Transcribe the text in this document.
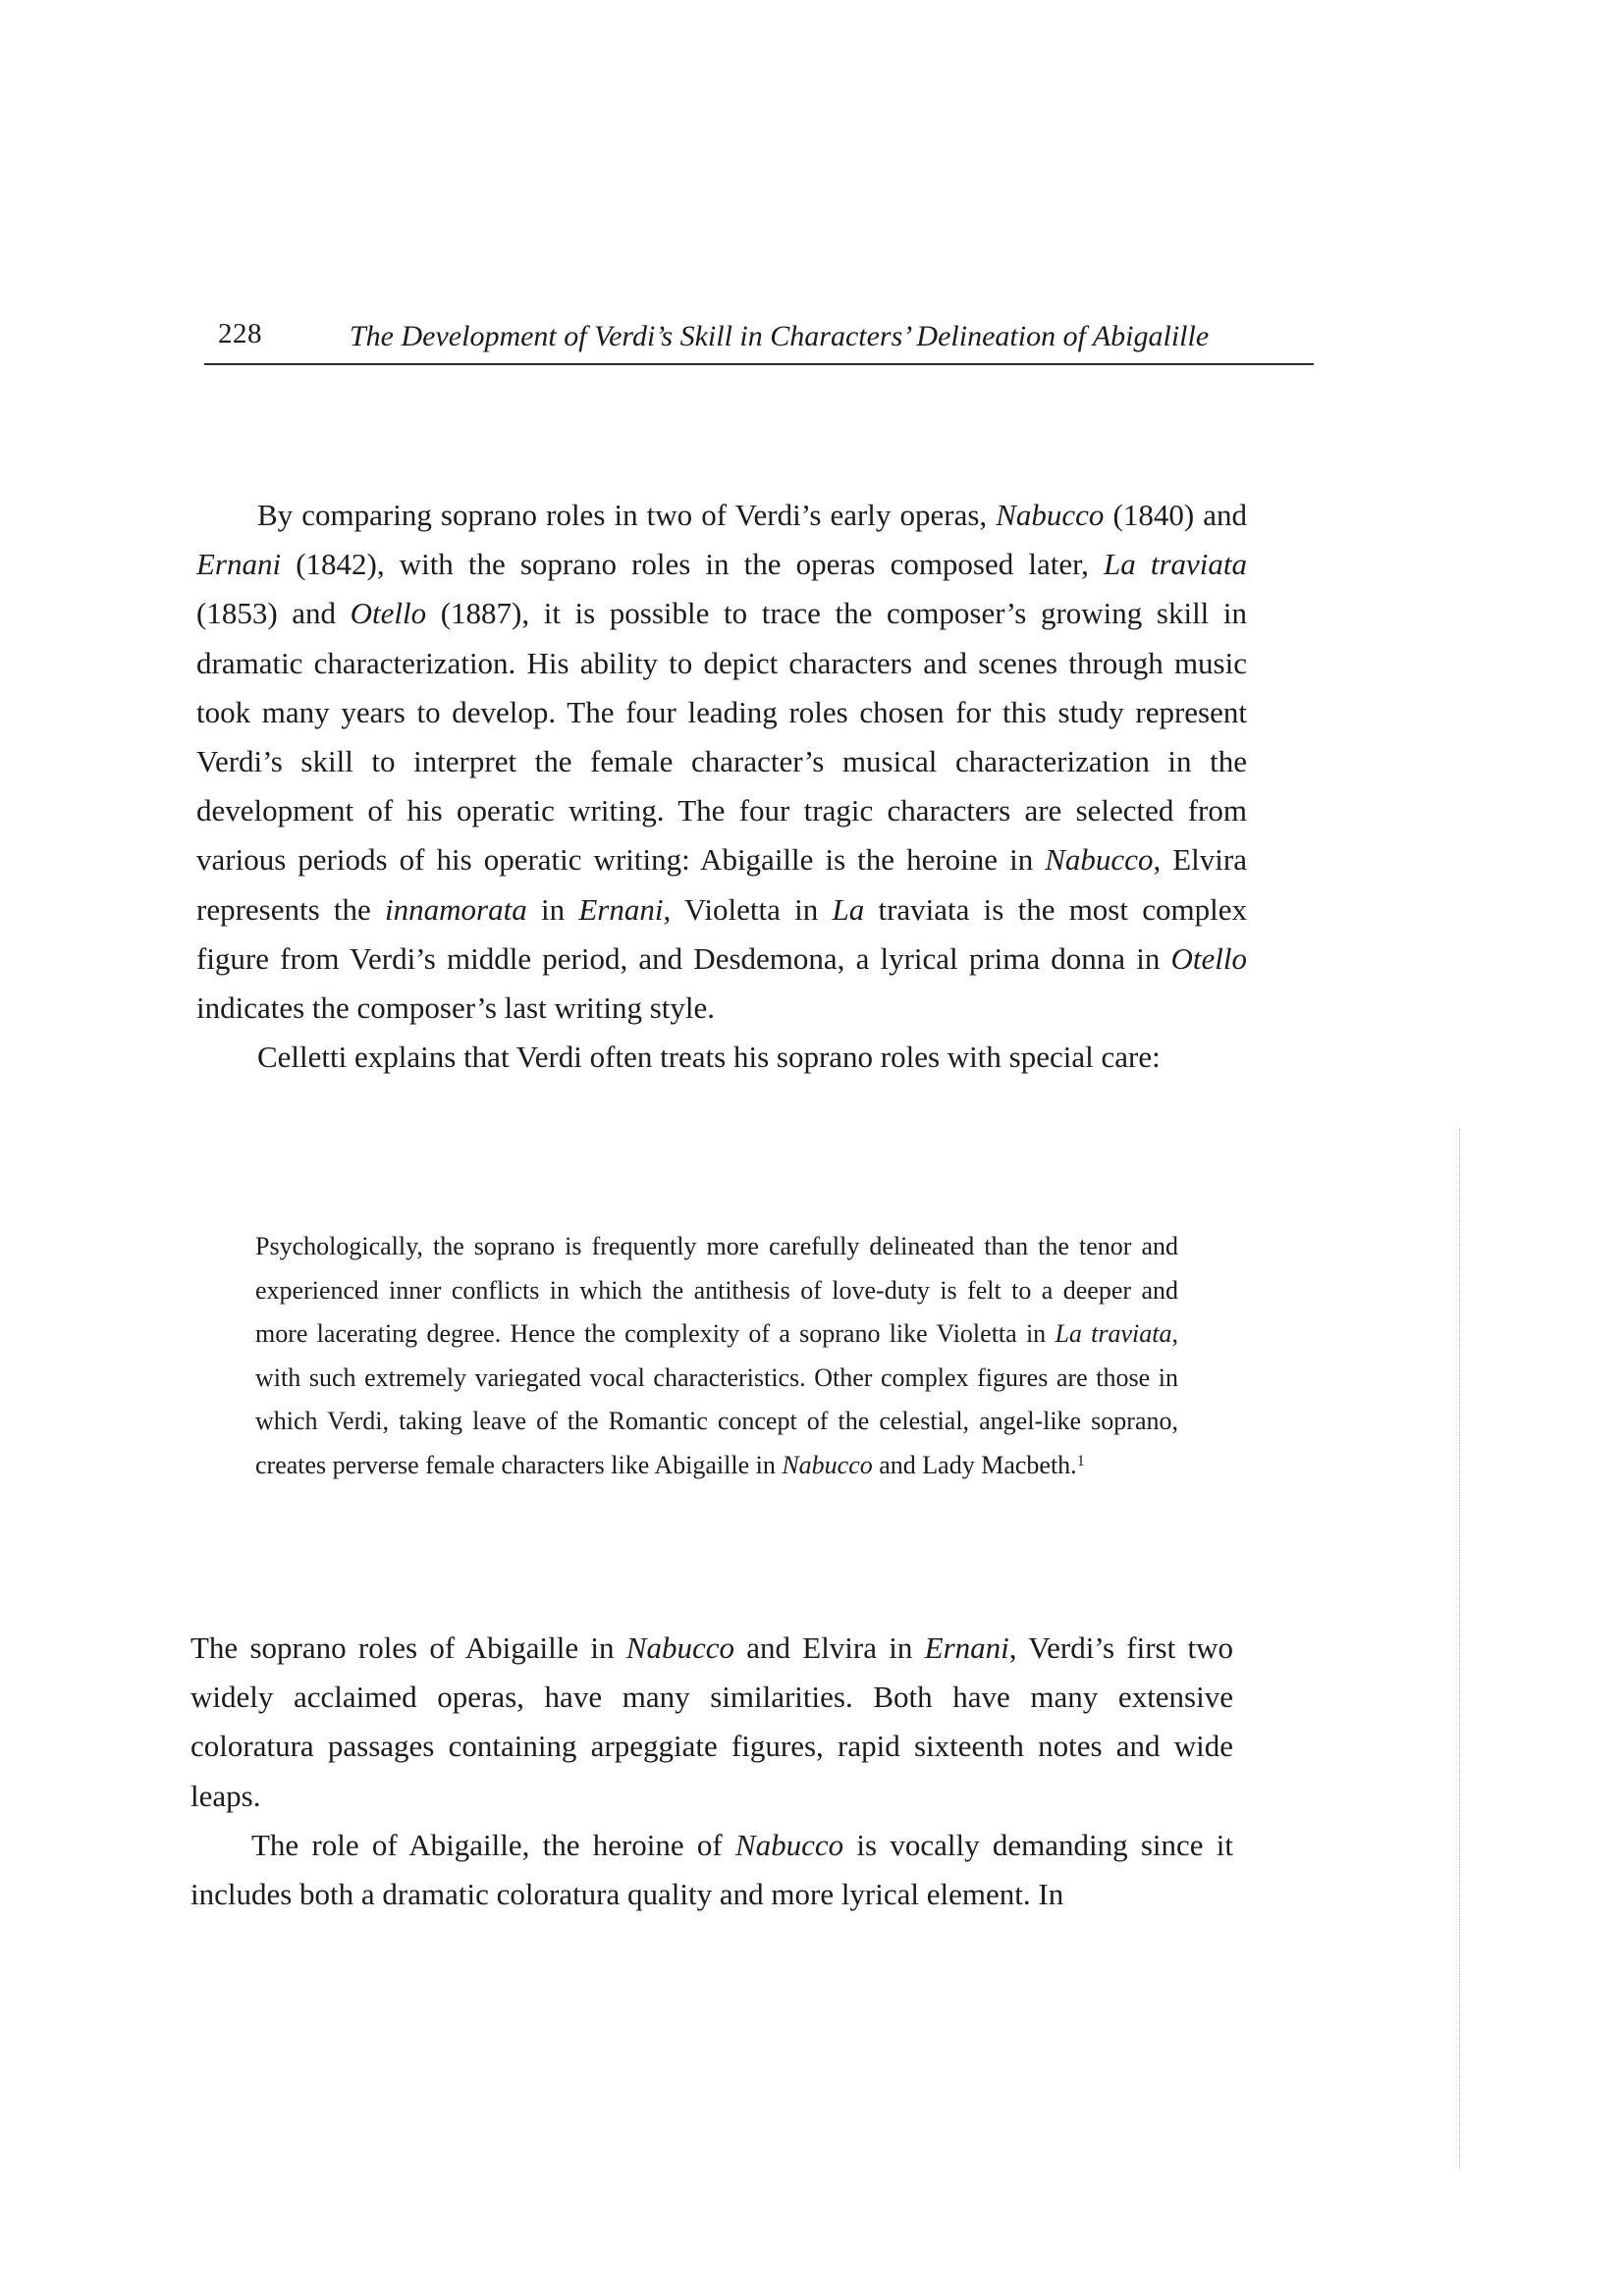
228	The Development of Verdi’s Skill in Characters’ Delineation of Abigalille

By comparing soprano roles in two of Verdi’s early operas, Nabucco (1840) and Ernani (1842), with the soprano roles in the operas composed later, La traviata (1853) and Otello (1887), it is possible to trace the composer’s growing skill in dramatic characterization. His ability to depict characters and scenes through music took many years to develop. The four leading roles chosen for this study represent Verdi’s skill to interpret the female character’s musical characterization in the development of his operatic writing. The four tragic characters are selected from various periods of his operatic writing: Abigaille is the heroine in Nabucco, Elvira represents the innamorata in Ernani, Violetta in La traviata is the most complex figure from Verdi’s middle period, and Desdemona, a lyrical prima donna in Otello indicates the composer’s last writing style.

Celletti explains that Verdi often treats his soprano roles with special care:

Psychologically, the soprano is frequently more carefully delineated than the tenor and experienced inner conflicts in which the antithesis of love-duty is felt to a deeper and more lacerating degree. Hence the complexity of a soprano like Violetta in La traviata, with such extremely variegated vocal characteristics. Other complex figures are those in which Verdi, taking leave of the Romantic concept of the celestial, angel-like soprano, creates perverse female characters like Abigaille in Nabucco and Lady Macbeth.$^1$

The soprano roles of Abigaille in Nabucco and Elvira in Ernani, Verdi’s first two widely acclaimed operas, have many similarities. Both have many extensive coloratura passages containing arpeggiate figures, rapid sixteenth notes and wide leaps.

The role of Abigaille, the heroine of Nabucco is vocally demanding since it includes both a dramatic coloratura quality and more lyrical element. In
